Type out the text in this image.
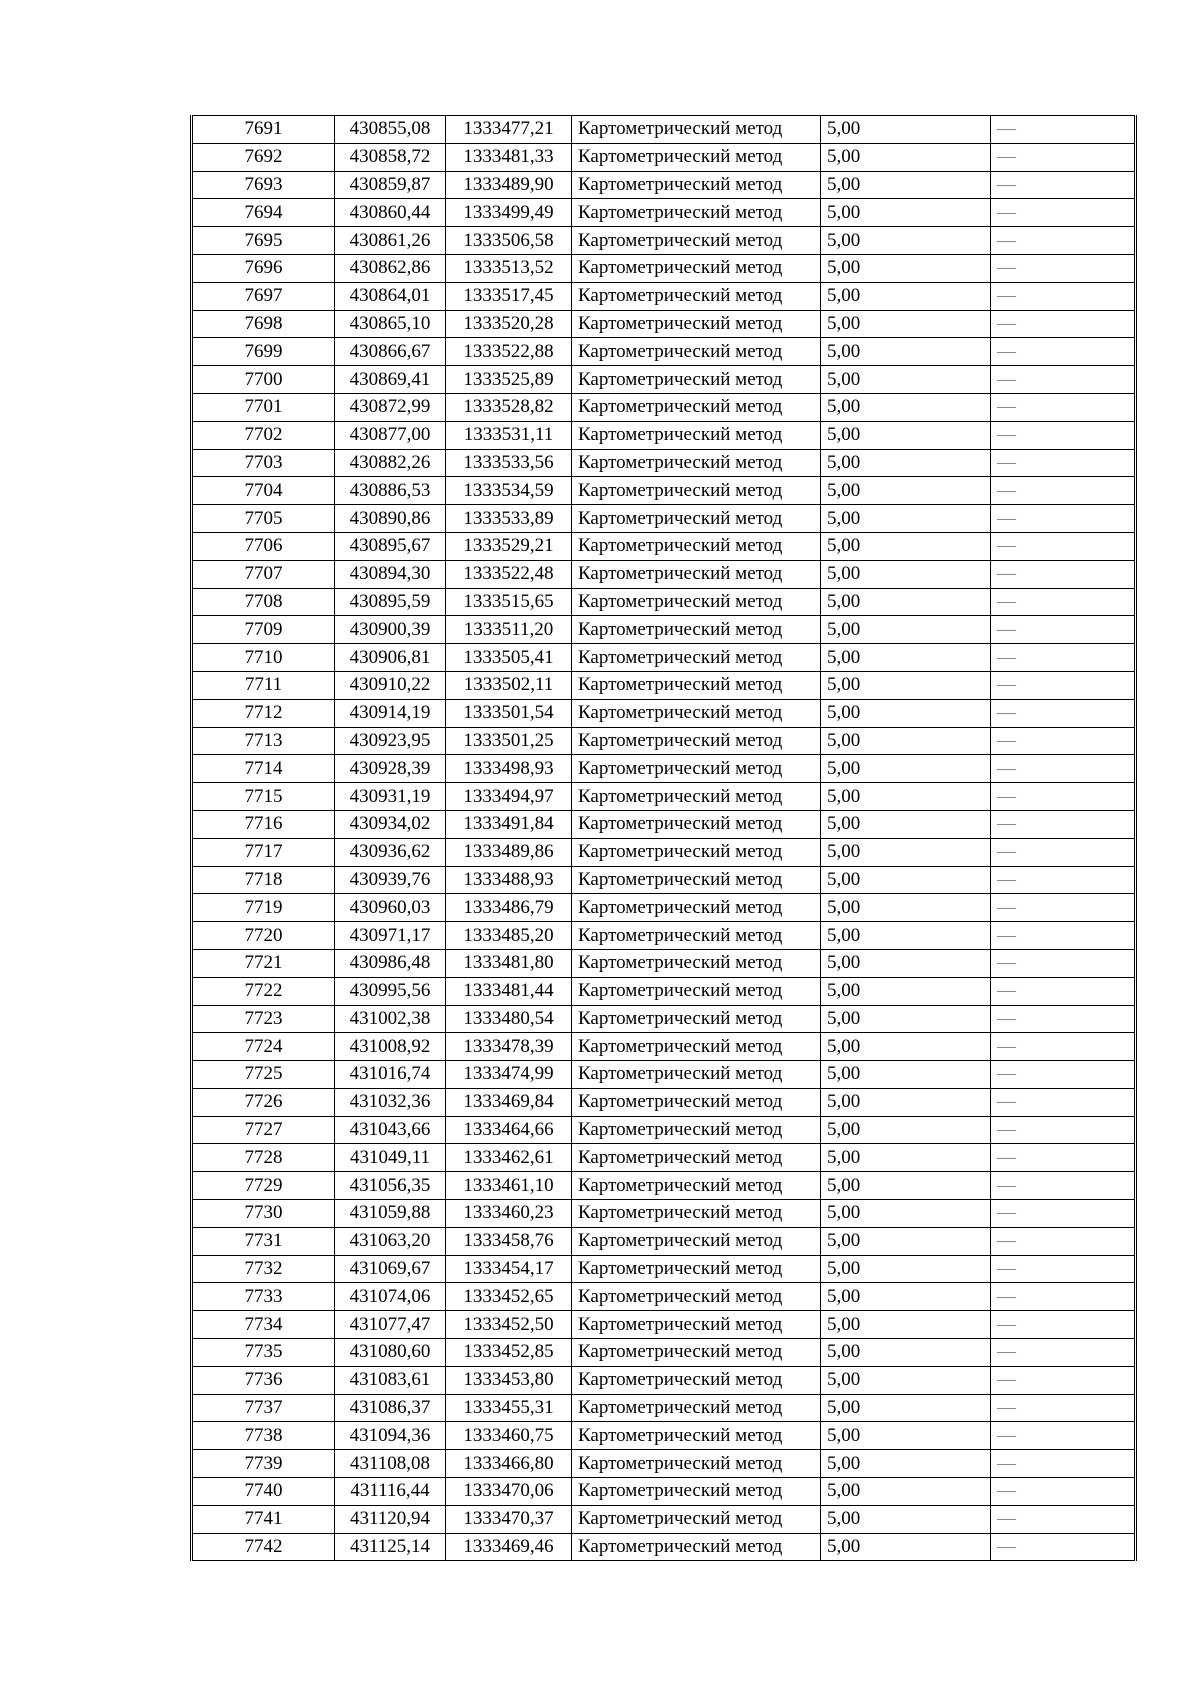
7691	430855,08	1333477,21	Картометрический метод	5,00	—
7692	430858,72	1333481,33	Картометрический метод	5,00	—
7693	430859,87	1333489,90	Картометрический метод	5,00	—
7694	430860,44	1333499,49	Картометрический метод	5,00	—
7695	430861,26	1333506,58	Картометрический метод	5,00	—
7696	430862,86	1333513,52	Картометрический метод	5,00	—
7697	430864,01	1333517,45	Картометрический метод	5,00	—
7698	430865,10	1333520,28	Картометрический метод	5,00	—
7699	430866,67	1333522,88	Картометрический метод	5,00	—
7700	430869,41	1333525,89	Картометрический метод	5,00	—
7701	430872,99	1333528,82	Картометрический метод	5,00	—
7702	430877,00	1333531,11	Картометрический метод	5,00	—
7703	430882,26	1333533,56	Картометрический метод	5,00	—
7704	430886,53	1333534,59	Картометрический метод	5,00	—
7705	430890,86	1333533,89	Картометрический метод	5,00	—
7706	430895,67	1333529,21	Картометрический метод	5,00	—
7707	430894,30	1333522,48	Картометрический метод	5,00	—
7708	430895,59	1333515,65	Картометрический метод	5,00	—
7709	430900,39	1333511,20	Картометрический метод	5,00	—
7710	430906,81	1333505,41	Картометрический метод	5,00	—
7711	430910,22	1333502,11	Картометрический метод	5,00	—
7712	430914,19	1333501,54	Картометрический метод	5,00	—
7713	430923,95	1333501,25	Картометрический метод	5,00	—
7714	430928,39	1333498,93	Картометрический метод	5,00	—
7715	430931,19	1333494,97	Картометрический метод	5,00	—
7716	430934,02	1333491,84	Картометрический метод	5,00	—
7717	430936,62	1333489,86	Картометрический метод	5,00	—
7718	430939,76	1333488,93	Картометрический метод	5,00	—
7719	430960,03	1333486,79	Картометрический метод	5,00	—
7720	430971,17	1333485,20	Картометрический метод	5,00	—
7721	430986,48	1333481,80	Картометрический метод	5,00	—
7722	430995,56	1333481,44	Картометрический метод	5,00	—
7723	431002,38	1333480,54	Картометрический метод	5,00	—
7724	431008,92	1333478,39	Картометрический метод	5,00	—
7725	431016,74	1333474,99	Картометрический метод	5,00	—
7726	431032,36	1333469,84	Картометрический метод	5,00	—
7727	431043,66	1333464,66	Картометрический метод	5,00	—
7728	431049,11	1333462,61	Картометрический метод	5,00	—
7729	431056,35	1333461,10	Картометрический метод	5,00	—
7730	431059,88	1333460,23	Картометрический метод	5,00	—
7731	431063,20	1333458,76	Картометрический метод	5,00	—
7732	431069,67	1333454,17	Картометрический метод	5,00	—
7733	431074,06	1333452,65	Картометрический метод	5,00	—
7734	431077,47	1333452,50	Картометрический метод	5,00	—
7735	431080,60	1333452,85	Картометрический метод	5,00	—
7736	431083,61	1333453,80	Картометрический метод	5,00	—
7737	431086,37	1333455,31	Картометрический метод	5,00	—
7738	431094,36	1333460,75	Картометрический метод	5,00	—
7739	431108,08	1333466,80	Картометрический метод	5,00	—
7740	431116,44	1333470,06	Картометрический метод	5,00	—
7741	431120,94	1333470,37	Картометрический метод	5,00	—
7742	431125,14	1333469,46	Картометрический метод	5,00	—
